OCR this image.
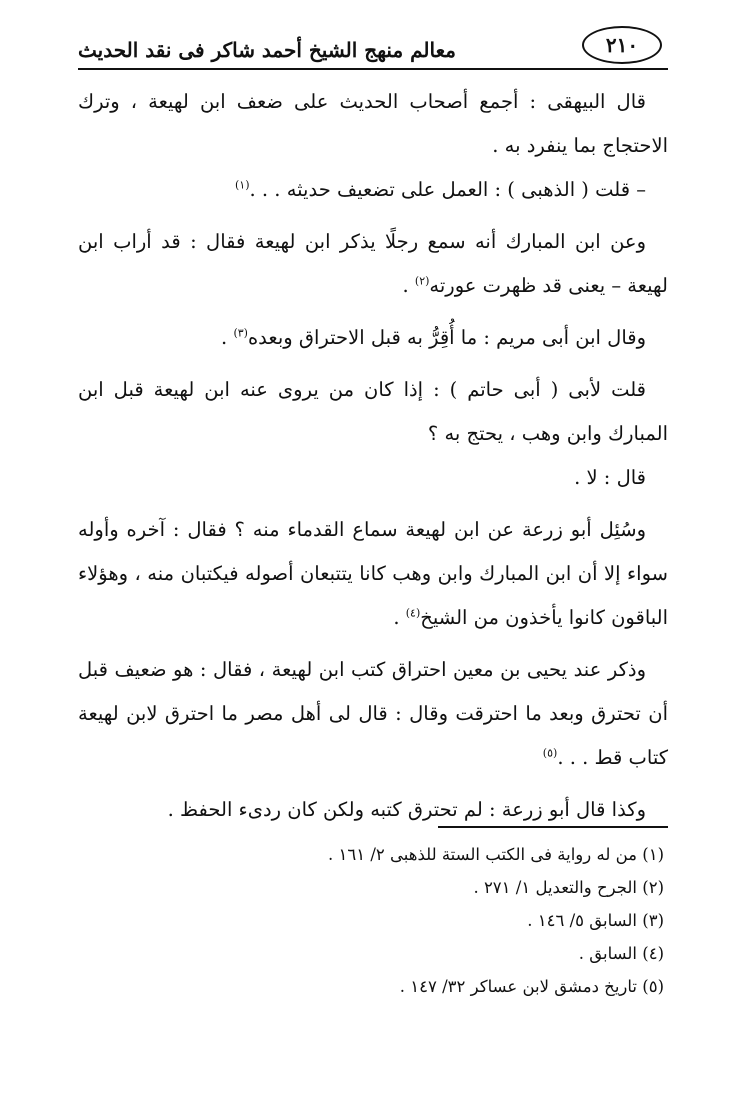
٢١٠
معالم منهج الشيخ أحمد شاكر فى نقد الحديث

قال البيهقى : أجمع أصحاب الحديث على ضعف ابن لهيعة ، وترك الاحتجاج بما ينفرد به .

– قلت ( الذهبى ) : العمل على تضعيف حديثه . . .$^{(١)}$

وعن ابن المبارك أنه سمع رجلًا يذكر ابن لهيعة فقال : قد أراب ابن لهيعة – يعنى قد ظهرت عورته$^{(٢)}$ .

وقال ابن أبى مريم : ما أُقِرُّ به قبل الاحتراق وبعده$^{(٣)}$ .

قلت لأبى ( أبى حاتم ) : إذا كان من يروى عنه ابن لهيعة قبل ابن المبارك وابن وهب ، يحتج به ؟

قال : لا .

وسُئِل أبو زرعة عن ابن لهيعة سماع القدماء منه ؟ فقال : آخره وأوله سواء إلا أن ابن المبارك وابن وهب كانا يتتبعان أصوله فيكتبان منه ، وهؤلاء الباقون كانوا يأخذون من الشيخ$^{(٤)}$ .

وذكر عند يحيى بن معين احتراق كتب ابن لهيعة ، فقال : هو ضعيف قبل أن تحترق وبعد ما احترقت وقال : قال لى أهل مصر ما احترق لابن لهيعة كتاب قط . . .$^{(٥)}$

وكذا قال أبو زرعة : لم تحترق كتبه ولكن كان ردىء الحفظ .

(١) من له رواية فى الكتب الستة للذهبى ٢/ ١٦١ .

(٢) الجرح والتعديل ١/ ٢٧١ .

(٣) السابق ٥/ ١٤٦ .

(٤) السابق .

(٥) تاريخ دمشق لابن عساكر ٣٢/ ١٤٧ .
